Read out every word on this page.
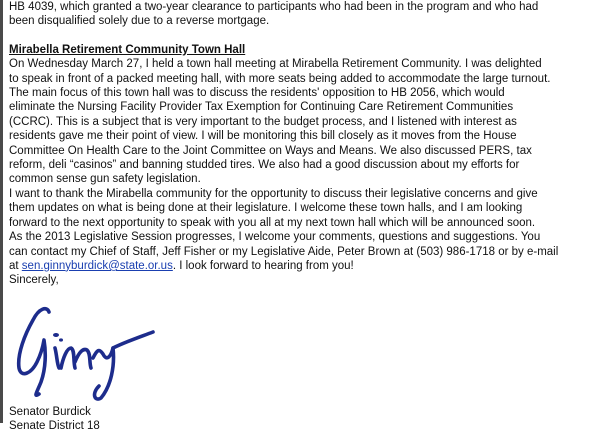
HB 4039, which granted a two-year clearance to participants who had been in the program and who had
been disqualified solely due to a reverse mortgage.

Mirabella Retirement Community Town Hall

On Wednesday March 27, I held a town hall meeting at Mirabella Retirement Community. I was delighted
to speak in front of a packed meeting hall, with more seats being added to accommodate the large turnout.
The main focus of this town hall was to discuss the residents' opposition to HB 2056, which would
eliminate the Nursing Facility Provider Tax Exemption for Continuing Care Retirement Communities
(CCRC). This is a subject that is very important to the budget process, and I listened with interest as
residents gave me their point of view. I will be monitoring this bill closely as it moves from the House
Committee On Health Care to the Joint Committee on Ways and Means. We also discussed PERS, tax
reform, deli “casinos” and banning studded tires. We also had a good discussion about my efforts for
common sense gun safety legislation.

I want to thank the Mirabella community for the opportunity to discuss their legislative concerns and give
them updates on what is being done at their legislature. I welcome these town halls, and I am looking
forward to the next opportunity to speak with you all at my next town hall which will be announced soon.

As the 2013 Legislative Session progresses, I welcome your comments, questions and suggestions. You
can contact my Chief of Staff, Jeff Fisher or my Legislative Aide, Peter Brown at (503) 986-1718 or by e-mail
at sen.ginnyburdick@state.or.us. I look forward to hearing from you!

Sincerely,

Senator Burdick

Senate District 18
